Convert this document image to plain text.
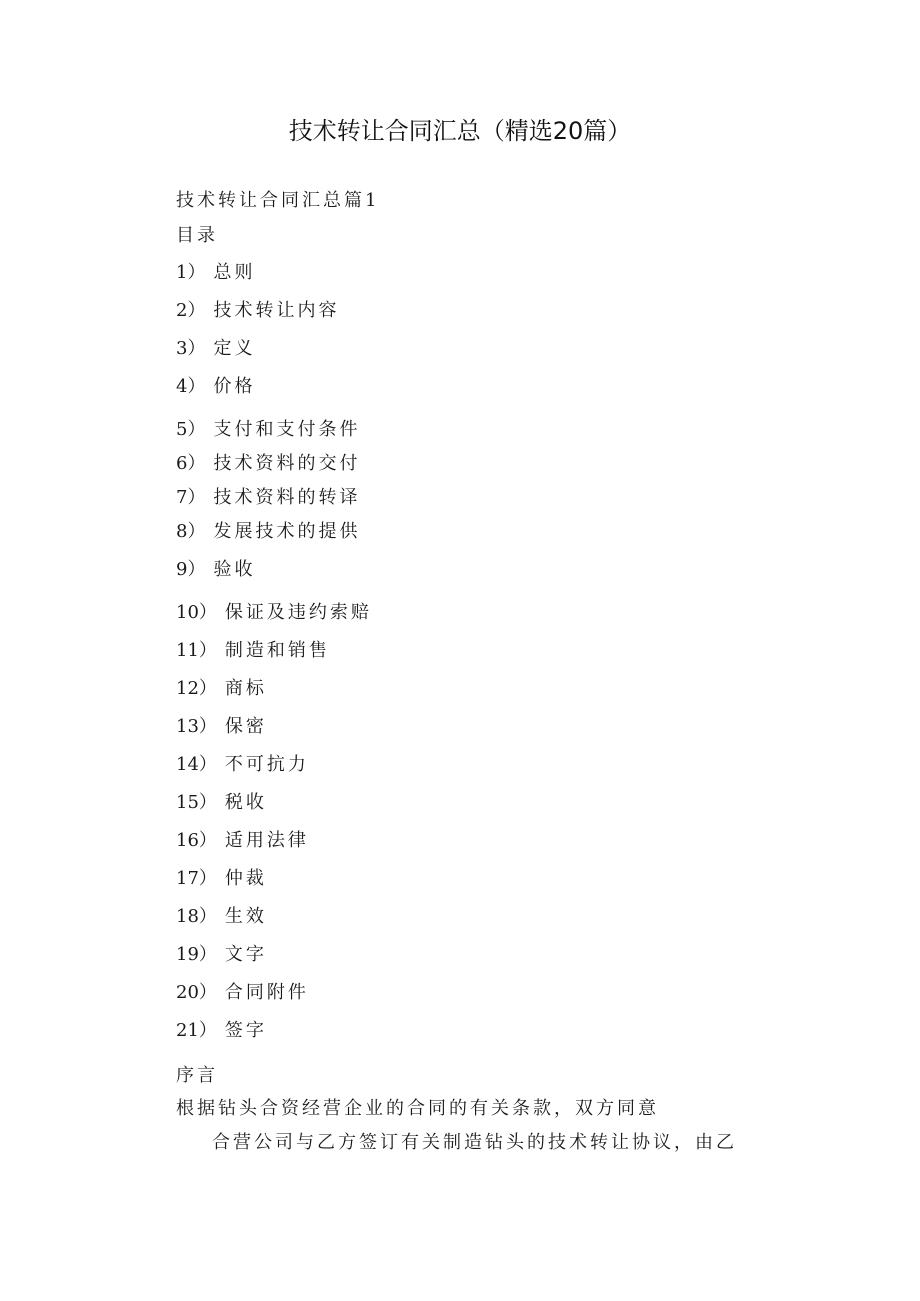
技术转让合同汇总（精选20篇）
技术转让合同汇总篇1
目录
1） 总则
2） 技术转让内容
3） 定义
4） 价格
5） 支付和支付条件
6） 技术资料的交付
7） 技术资料的转译
8） 发展技术的提供
9） 验收
10） 保证及违约索赔
11） 制造和销售
12） 商标
13） 保密
14） 不可抗力
15） 税收
16） 适用法律
17） 仲裁
18） 生效
19） 文字
20） 合同附件
21） 签字
序言
根据钻头合资经营企业的合同的有关条款，双方同意
合营公司与乙方签订有关制造钻头的技术转让协议，由乙
